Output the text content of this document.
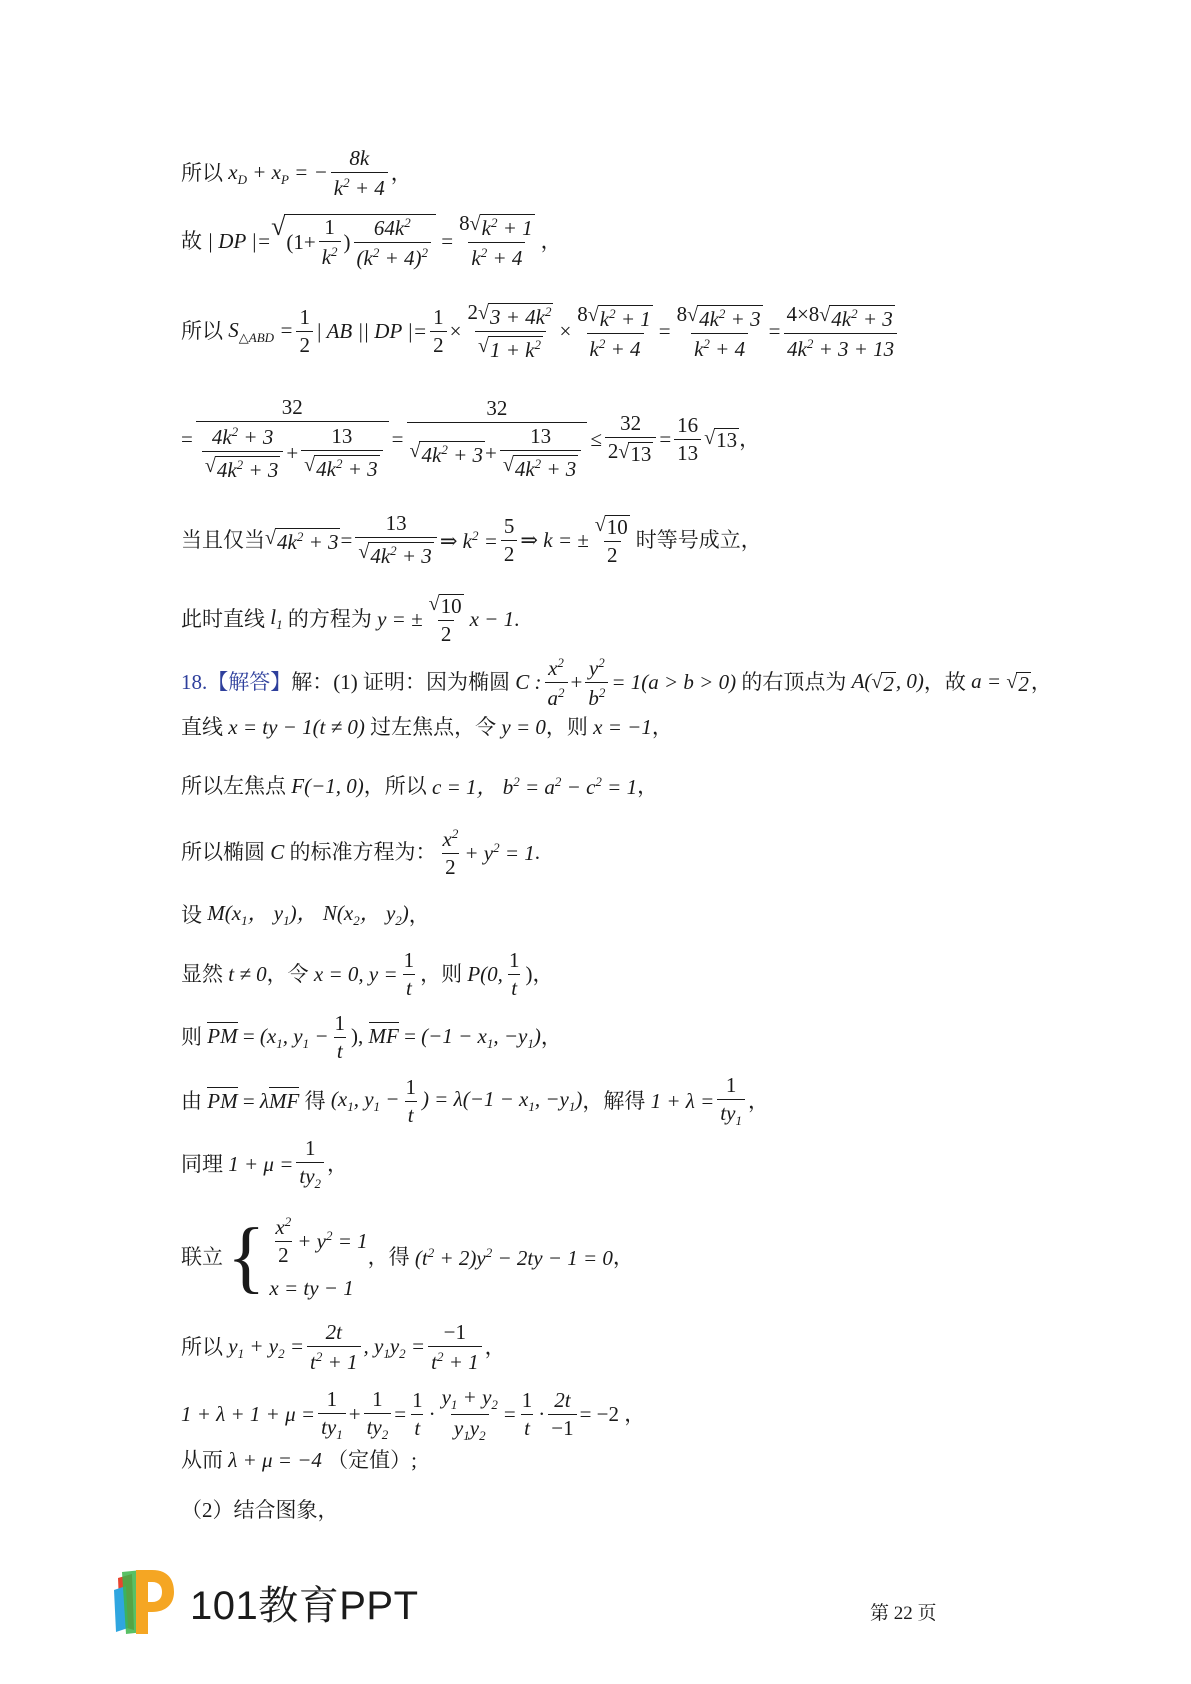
所以 $x_D + x_P$ = − $\frac{8k}{k^2 + 4}$ ，
故 | DP |= √
($1+ \frac{1}{k^2}$ ) $\frac{64k^2}{(k^2 + 4)^2} = \frac{8 √ k^2 + 1}{k^2 + 4}$ ，
所以 $S_{\triangle ABD} = \frac{1}{2}$ | AB || DP |= $\frac{1}{2} \times \frac{2 √ 3 + 4k^2}{√ 1 + k^2} \times \frac{8 √ k^2 + 1}{k^2 + 4} = \frac{8 √ 4k^2 + 3}{k^2 + 4} = \frac{4\times 8 √ 4k^2 + 3}{4k^2 + 3 + 13}$
= $\frac{32}{\frac{4k^2 + 3}{√ 4k^2 + 3} + \frac{13}{√ 4k^2 + 3}} = \frac{32}{√ 4k^2 + 3 + \frac{13}{√ 4k^2 + 3}} \le \frac{32}{2 √ 13} = \frac{16}{13}$ √ 13 ，
当且仅当 √ $4k^2 + 3 = \frac{13}{√ 4k^2 + 3}$ ⇒ $k^2 = \frac{5}{2}$ ⇒ k = ± $\frac{√ 10}{2}$ 时等号成立，
此时直线 $l_1$ 的方程为 y = ± $\frac{√ 10}{2}$ x − 1 .
18. 【解答】 解：(1) 证明：因为椭圆 C : $\frac{x^2}{a^2} + \frac{y^2}{b^2} = 1(a > b > 0)$ 的右顶点为 A( √ 2 , 0) ，故 a = √ 2 ，
直线 x = ty − 1(t ≠ 0) 过左焦点，令 y = 0 ，则 x = −1 ，
所以左焦点 F(−1, 0) ，所以 c = 1， $b^2 = a^2 - c^2 = 1$ ，
所以椭圆 C 的标准方程为： $\frac{x^2}{2} + y^2 = 1$ .
设 $M(x_1$， $y_1$)， $N(x_2$， $y_2$) ，
显然 t ≠ 0 ，令 x = 0, $y = \frac{1}{t}$ ，则 P(0, $\frac{1}{t}$ ) ，
则 PM = ($x_1$, $y_1 - \frac{1}{t}$ ), MF = ($-1 - x_1$, $-y_1$) ，
由 PM = λMF 得 ($x_1$, $y_1 - \frac{1}{t}$ ) = $\lambda(-1 - x_1$, $-y_1$) ，解得 $1 + \lambda = \frac{1}{ty_1}$ ，
同理 $1 + \mu = \frac{1}{ty_2}$ ，
联立 { $\frac{x^2}{2} + y^2 = 1$
x = ty − 1
，得 $(t^2 + 2)y^2 - 2ty - 1 = 0$ ，
所以 $y_1 + y_2 = \frac{2t}{t^2 + 1}$ , $y_1y_2 = \frac{-1}{t^2 + 1}$ ，
$1 + \lambda + 1 + \mu = \frac{1}{ty_1} + \frac{1}{ty_2} = \frac{1}{t} \cdot \frac{y_1 + y_2}{y_1y_2} = \frac{1}{t} \cdot \frac{2t}{-1} = -2$ ，
从而 λ + μ = −4 （定值）;
（2）结合图象，
101教育PPT	第 22 页
